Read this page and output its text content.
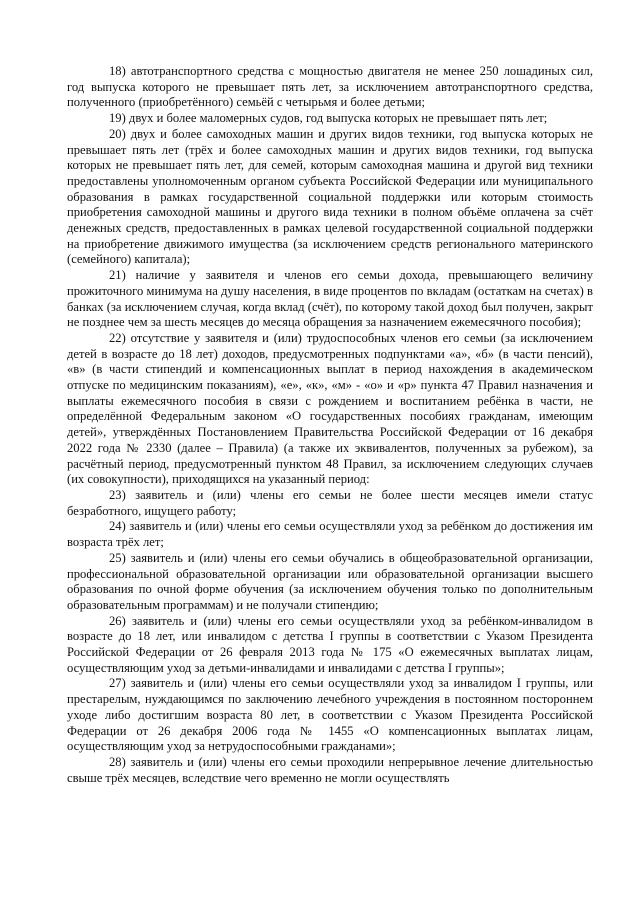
18) автотранспортного средства с мощностью двигателя не менее 250 лошадиных сил, год выпуска которого не превышает пять лет, за исключением автотранспортного средства, полученного (приобретённого) семьёй с четырьмя и более детьми;

19) двух и более маломерных судов, год выпуска которых не превышает пять лет;

20) двух и более самоходных машин и других видов техники, год выпуска которых не превышает пять лет (трёх и более самоходных машин и других видов техники, год выпуска которых не превышает пять лет, для семей, которым самоходная машина и другой вид техники предоставлены уполномоченным органом субъекта Российской Федерации или муниципального образования в рамках государственной социальной поддержки или которым стоимость приобретения самоходной машины и другого вида техники в полном объёме оплачена за счёт денежных средств, предоставленных в рамках целевой государственной социальной поддержки на приобретение движимого имущества (за исключением средств регионального материнского (семейного) капитала);

21) наличие у заявителя и членов его семьи дохода, превышающего величину прожиточного минимума на душу населения, в виде процентов по вкладам (остаткам на счетах) в банках (за исключением случая, когда вклад (счёт), по которому такой доход был получен, закрыт не позднее чем за шесть месяцев до месяца обращения за назначением ежемесячного пособия);

22) отсутствие у заявителя и (или) трудоспособных членов его семьи (за исключением детей в возрасте до 18 лет) доходов, предусмотренных подпунктами «а», «б» (в части пенсий), «в» (в части стипендий и компенсационных выплат в период нахождения в академическом отпуске по медицинским показаниям), «е», «к», «м» - «о» и «р» пункта 47 Правил назначения и выплаты ежемесячного пособия в связи с рождением и воспитанием ребёнка в части, не определённой Федеральным законом «О государственных пособиях гражданам, имеющим детей», утверждённых Постановлением Правительства Российской Федерации от 16 декабря 2022 года № 2330 (далее – Правила) (а также их эквивалентов, полученных за рубежом), за расчётный период, предусмотренный пунктом 48 Правил, за исключением следующих случаев (их совокупности), приходящихся на указанный период:

23) заявитель и (или) члены его семьи не более шести месяцев имели статус безработного, ищущего работу;

24) заявитель и (или) члены его семьи осуществляли уход за ребёнком до достижения им возраста трёх лет;

25) заявитель и (или) члены его семьи обучались в общеобразовательной организации, профессиональной образовательной организации или образовательной организации высшего образования по очной форме обучения (за исключением обучения только по дополнительным образовательным программам) и не получали стипендию;

26) заявитель и (или) члены его семьи осуществляли уход за ребёнком-инвалидом в возрасте до 18 лет, или инвалидом с детства I группы в соответствии с Указом Президента Российской Федерации от 26 февраля 2013 года № 175 «О ежемесячных выплатах лицам, осуществляющим уход за детьми-инвалидами и инвалидами с детства I группы»;

27) заявитель и (или) члены его семьи осуществляли уход за инвалидом I группы, или престарелым, нуждающимся по заключению лечебного учреждения в постоянном постороннем уходе либо достигшим возраста 80 лет, в соответствии с Указом Президента Российской Федерации от 26 декабря 2006 года № 1455 «О компенсационных выплатах лицам, осуществляющим уход за нетрудоспособными гражданами»;

28) заявитель и (или) члены его семьи проходили непрерывное лечение длительностью свыше трёх месяцев, вследствие чего временно не могли осуществлять
